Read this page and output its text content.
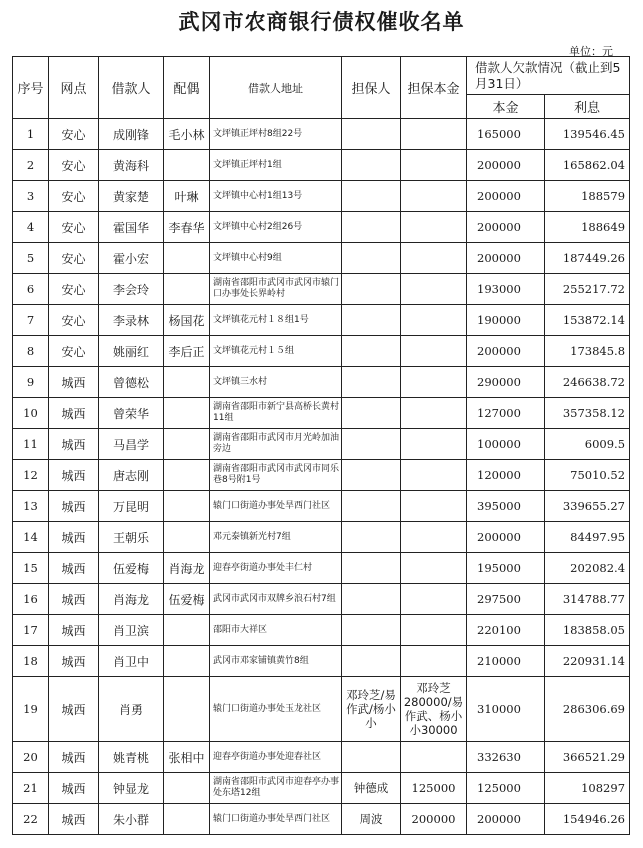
武冈市农商银行债权催收名单
单位：元
序号	网点	借款人	配偶	借款人地址	担保人	担保本金	借款人欠款情况（截止到5月31日）	
							本金	利息
1	安心	成刚锋	毛小林	文坪镇正坪村8组22号			165000	139546.45
2	安心	黄海科		文坪镇正坪村1组			200000	165862.04
3	安心	黄家楚	叶琳	文坪镇中心村1组13号			200000	188579
4	安心	霍国华	李春华	文坪镇中心村2组26号			200000	188649
5	安心	霍小宏		文坪镇中心村9组			200000	187449.26
6	安心	李会玲		湖南省邵阳市武冈市武冈市辕门口办事处长界岭村			193000	255217.72
7	安心	李录林	杨国花	文坪镇花元村１８组1号			190000	153872.14
8	安心	姚丽红	李后正	文坪镇花元村１５组			200000	173845.8
9	城西	曾德松		文坪镇三水村			290000	246638.72
10	城西	曾荣华		湖南省邵阳市新宁县高桥长黄村11组			127000	357358.12
11	城西	马昌学		湖南省邵阳市武冈市月光岭加油旁边			100000	6009.5
12	城西	唐志刚		湖南省邵阳市武冈市武冈市同乐巷8号附1号			120000	75010.52
13	城西	万昆明		辕门口街道办事处旱西门社区			395000	339655.27
14	城西	王朝乐		邓元泰镇新光村7组			200000	84497.95
15	城西	伍爱梅	肖海龙	迎春亭街道办事处丰仁村			195000	202082.4
16	城西	肖海龙	伍爱梅	武冈市武冈市双牌乡浪石村7组			297500	314788.77
17	城西	肖卫滨		邵阳市大祥区			220100	183858.05
18	城西	肖卫中		武冈市邓家铺镇黄竹8组			210000	220931.14
19	城西	肖勇		辕门口街道办事处玉龙社区	邓玲芝/易作武/杨小小	邓玲芝280000/易作武、杨小小30000	310000	286306.69
20	城西	姚青桃	张相中	迎春亭街道办事处迎春社区			332630	366521.29
21	城西	钟显龙		湖南省邵阳市武冈市迎春亭办事处东塔12组	钟德成	125000	125000	108297
22	城西	朱小群		辕门口街道办事处旱西门社区	周波	200000	200000	154946.26
